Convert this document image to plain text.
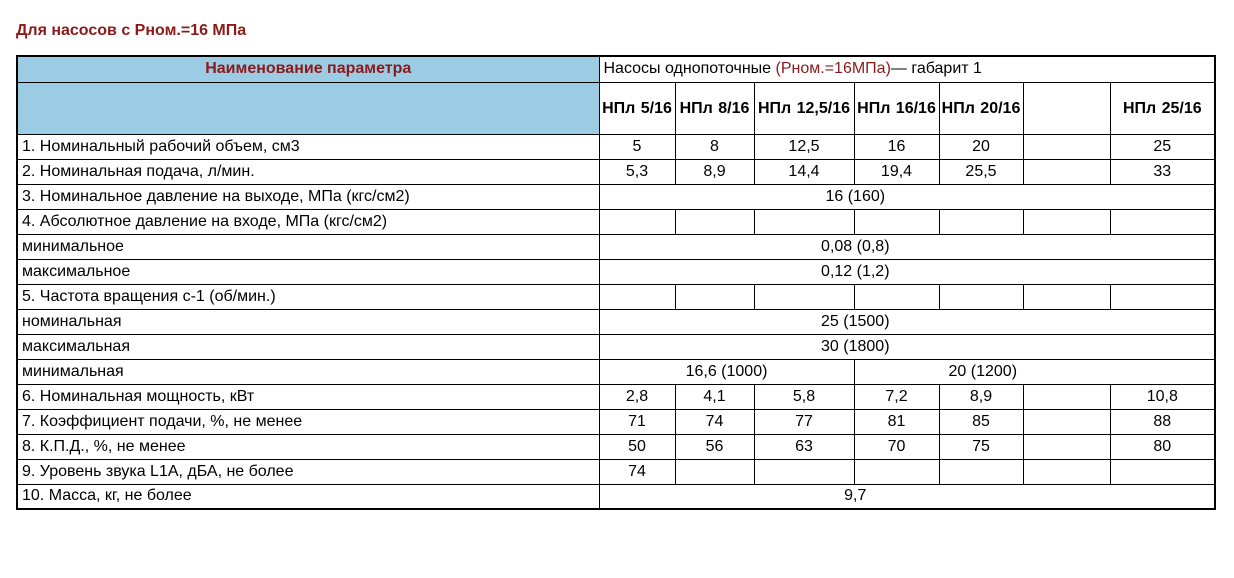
Для насосов с Рном.=16 МПа
Наименование параметра	Насосы однопоточные (Рном.=16МПа)— габарит 1						
	НПл 5/16	НПл 8/16	НПл 12,5/16	НПл 16/16	НПл 20/16		НПл 25/16
1. Номинальный рабочий объем, см3	5	8	12,5	16	20		25
2. Номинальная подача, л/мин.	5,3	8,9	14,4	19,4	25,5		33
3. Номинальное давление на выходе, МПа (кгс/см2)	16 (160)						
4. Абсолютное давление на входе, МПа (кгс/см2)							
минимальное	0,08 (0,8)						
максимальное	0,12 (1,2)						
5. Частота вращения с-1 (об/мин.)							
номинальная	25 (1500)						
максимальная	30 (1800)						
минимальная	16,6 (1000)			20 (1200)			
6. Номинальная мощность, кВт	2,8	4,1	5,8	7,2	8,9		10,8
7. Коэффициент подачи, %, не менее	71	74	77	81	85		88
8. К.П.Д., %, не менее	50	56	63	70	75		80
9. Уровень звука L1A, дБА, не более	74						
10. Масса, кг, не более	9,7						
